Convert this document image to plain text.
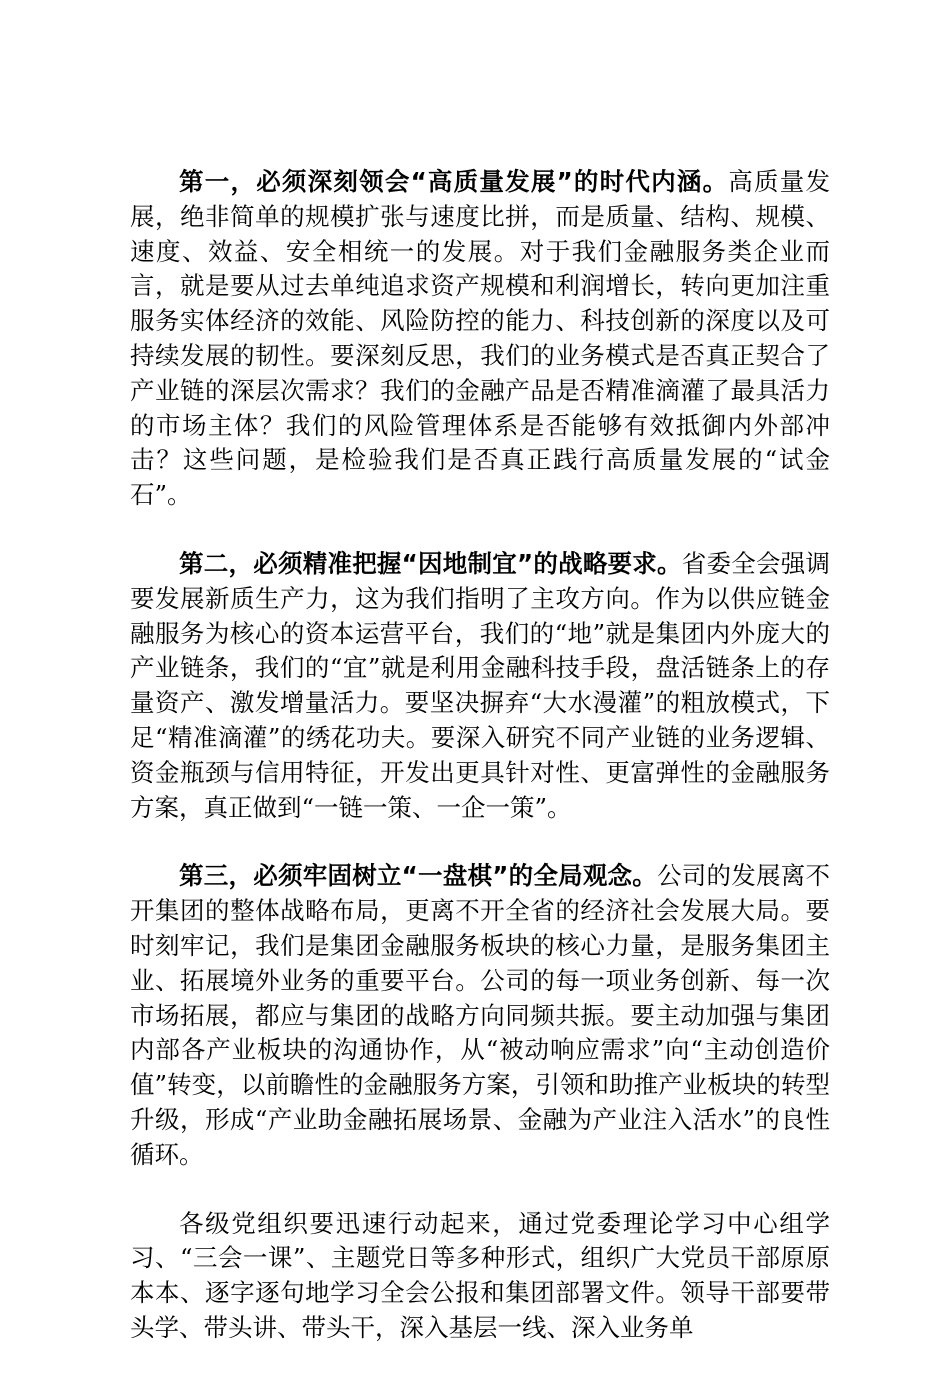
第一，必须深刻领会“高质量发展”的时代内涵。高质量发展，绝非简单的规模扩张与速度比拼，而是质量、结构、规模、速度、效益、安全相统一的发展。对于我们金融服务类企业而言，就是要从过去单纯追求资产规模和利润增长，转向更加注重服务实体经济的效能、风险防控的能力、科技创新的深度以及可持续发展的韧性。要深刻反思，我们的业务模式是否真正契合了产业链的深层次需求？我们的金融产品是否精准滴灌了最具活力的市场主体？我们的风险管理体系是否能够有效抵御内外部冲击？这些问题，是检验我们是否真正践行高质量发展的“试金石”。

第二，必须精准把握“因地制宜”的战略要求。省委全会强调要发展新质生产力，这为我们指明了主攻方向。作为以供应链金融服务为核心的资本运营平台，我们的“地”就是集团内外庞大的产业链条，我们的“宜”就是利用金融科技手段，盘活链条上的存量资产、激发增量活力。要坚决摒弃“大水漫灌”的粗放模式，下足“精准滴灌”的绣花功夫。要深入研究不同产业链的业务逻辑、资金瓶颈与信用特征，开发出更具针对性、更富弹性的金融服务方案，真正做到“一链一策、一企一策”。

第三，必须牢固树立“一盘棋”的全局观念。公司的发展离不开集团的整体战略布局，更离不开全省的经济社会发展大局。要时刻牢记，我们是集团金融服务板块的核心力量，是服务集团主业、拓展境外业务的重要平台。公司的每一项业务创新、每一次市场拓展，都应与集团的战略方向同频共振。要主动加强与集团内部各产业板块的沟通协作，从“被动响应需求”向“主动创造价值”转变，以前瞻性的金融服务方案，引领和助推产业板块的转型升级，形成“产业助金融拓展场景、金融为产业注入活水”的良性循环。

各级党组织要迅速行动起来，通过党委理论学习中心组学习、“三会一课”、主题党日等多种形式，组织广大党员干部原原本本、逐字逐句地学习全会公报和集团部署文件。领导干部要带头学、带头讲、带头干，深入基层一线、深入业务单
